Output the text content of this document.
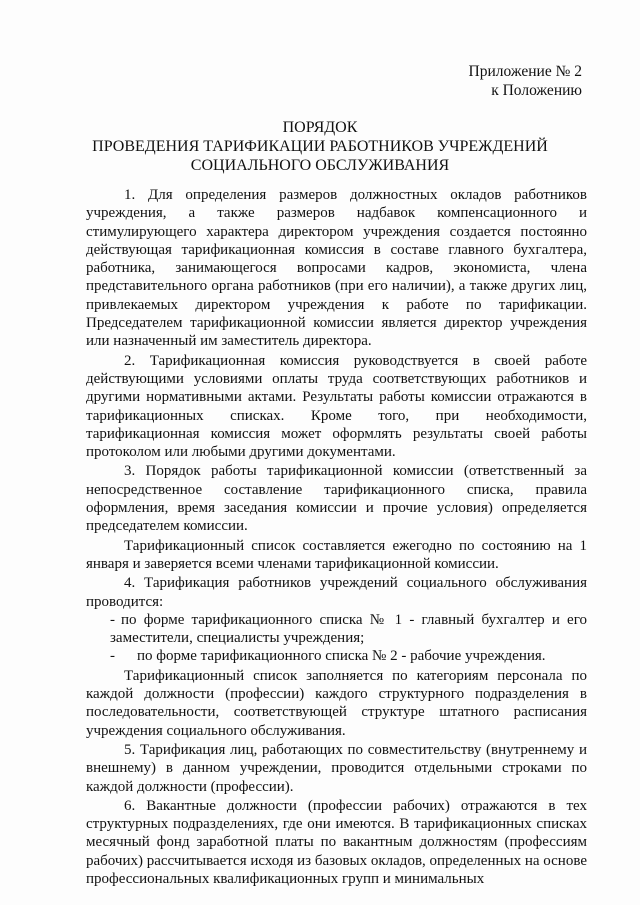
Приложение № 2
к Положению
ПОРЯДОК
ПРОВЕДЕНИЯ ТАРИФИКАЦИИ РАБОТНИКОВ УЧРЕЖДЕНИЙ
СОЦИАЛЬНОГО ОБСЛУЖИВАНИЯ

1. Для определения размеров должностных окладов работников учреждения, а также размеров надбавок компенсационного и стимулирующего характера директором учреждения создается постоянно действующая тарификационная комиссия в составе главного бухгалтера, работника, занимающегося вопросами кадров, экономиста, члена представительного органа работников (при его наличии), а также других лиц, привлекаемых директором учреждения к работе по тарификации. Председателем тарификационной комиссии является директор учреждения или назначенный им заместитель директора.

2. Тарификационная комиссия руководствуется в своей работе действующими условиями оплаты труда соответствующих работников и другими нормативными актами. Результаты работы комиссии отражаются в тарификационных списках. Кроме того, при необходимости, тарификационная комиссия может оформлять результаты своей работы протоколом или любыми другими документами.

3. Порядок работы тарификационной комиссии (ответственный за непосредственное составление тарификационного списка, правила оформления, время заседания комиссии и прочие условия) определяется председателем комиссии.

Тарификационный список составляется ежегодно по состоянию на 1 января и заверяется всеми членами тарификационной комиссии.

4. Тарификация работников учреждений социального обслуживания проводится:

- по форме тарификационного списка № 1 - главный бухгалтер и его заместители, специалисты учреждения;

- по форме тарификационного списка № 2 - рабочие учреждения.

Тарификационный список заполняется по категориям персонала по каждой должности (профессии) каждого структурного подразделения в последовательности, соответствующей структуре штатного расписания учреждения социального обслуживания.

5. Тарификация лиц, работающих по совместительству (внутреннему и внешнему) в данном учреждении, проводится отдельными строками по каждой должности (профессии).

6. Вакантные должности (профессии рабочих) отражаются в тех структурных подразделениях, где они имеются. В тарификационных списках месячный фонд заработной платы по вакантным должностям (профессиям рабочих) рассчитывается исходя из базовых окладов, определенных на основе профессиональных квалификационных групп и минимальных
